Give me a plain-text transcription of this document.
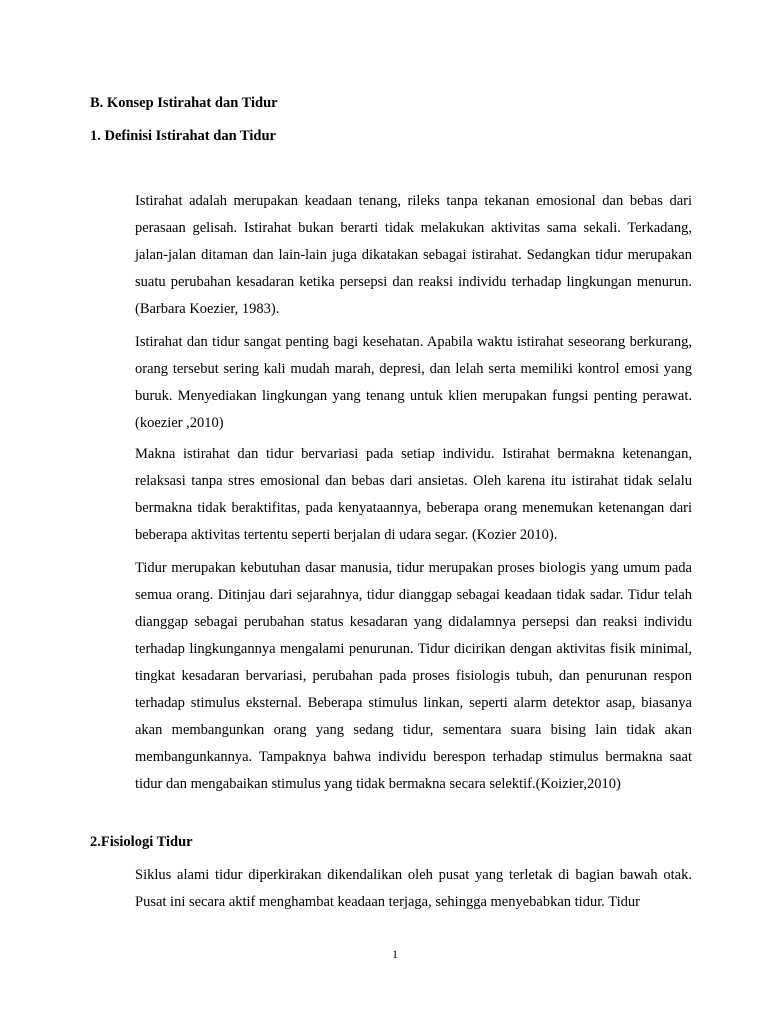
B. Konsep Istirahat dan Tidur

1. Definisi Istirahat dan Tidur

Istirahat adalah merupakan keadaan tenang, rileks tanpa tekanan emosional dan bebas dari perasaan gelisah. Istirahat bukan berarti tidak melakukan aktivitas sama sekali. Terkadang, jalan-jalan ditaman dan lain-lain juga dikatakan sebagai istirahat. Sedangkan tidur merupakan suatu perubahan kesadaran ketika persepsi dan reaksi individu terhadap lingkungan menurun. (Barbara Koezier, 1983).

Istirahat dan tidur sangat penting bagi kesehatan. Apabila waktu istirahat seseorang berkurang, orang tersebut sering kali mudah marah, depresi, dan lelah serta memiliki kontrol emosi yang buruk. Menyediakan lingkungan yang tenang untuk klien merupakan fungsi penting perawat. (koezier ,2010)

Makna istirahat dan tidur bervariasi pada setiap individu. Istirahat bermakna ketenangan, relaksasi tanpa stres emosional dan bebas dari ansietas. Oleh karena itu istirahat tidak selalu bermakna tidak beraktifitas, pada kenyataannya, beberapa orang menemukan ketenangan dari beberapa aktivitas tertentu seperti berjalan di udara segar. (Kozier 2010).

Tidur merupakan kebutuhan dasar manusia, tidur merupakan proses biologis yang umum pada semua orang. Ditinjau dari sejarahnya, tidur dianggap sebagai keadaan tidak sadar. Tidur telah dianggap sebagai perubahan status kesadaran yang didalamnya persepsi dan reaksi individu terhadap lingkungannya mengalami penurunan. Tidur dicirikan dengan aktivitas fisik minimal, tingkat kesadaran bervariasi, perubahan pada proses fisiologis tubuh, dan penurunan respon terhadap stimulus eksternal. Beberapa stimulus linkan, seperti alarm detektor asap, biasanya akan membangunkan orang yang sedang tidur, sementara suara bising lain tidak akan membangunkannya. Tampaknya bahwa individu berespon terhadap stimulus bermakna saat tidur dan mengabaikan stimulus yang tidak bermakna secara selektif.(Koizier,2010)

2.Fisiologi Tidur

Siklus alami tidur diperkirakan dikendalikan oleh pusat yang terletak di bagian bawah otak. Pusat ini secara aktif menghambat keadaan terjaga, sehingga menyebabkan tidur. Tidur

1
